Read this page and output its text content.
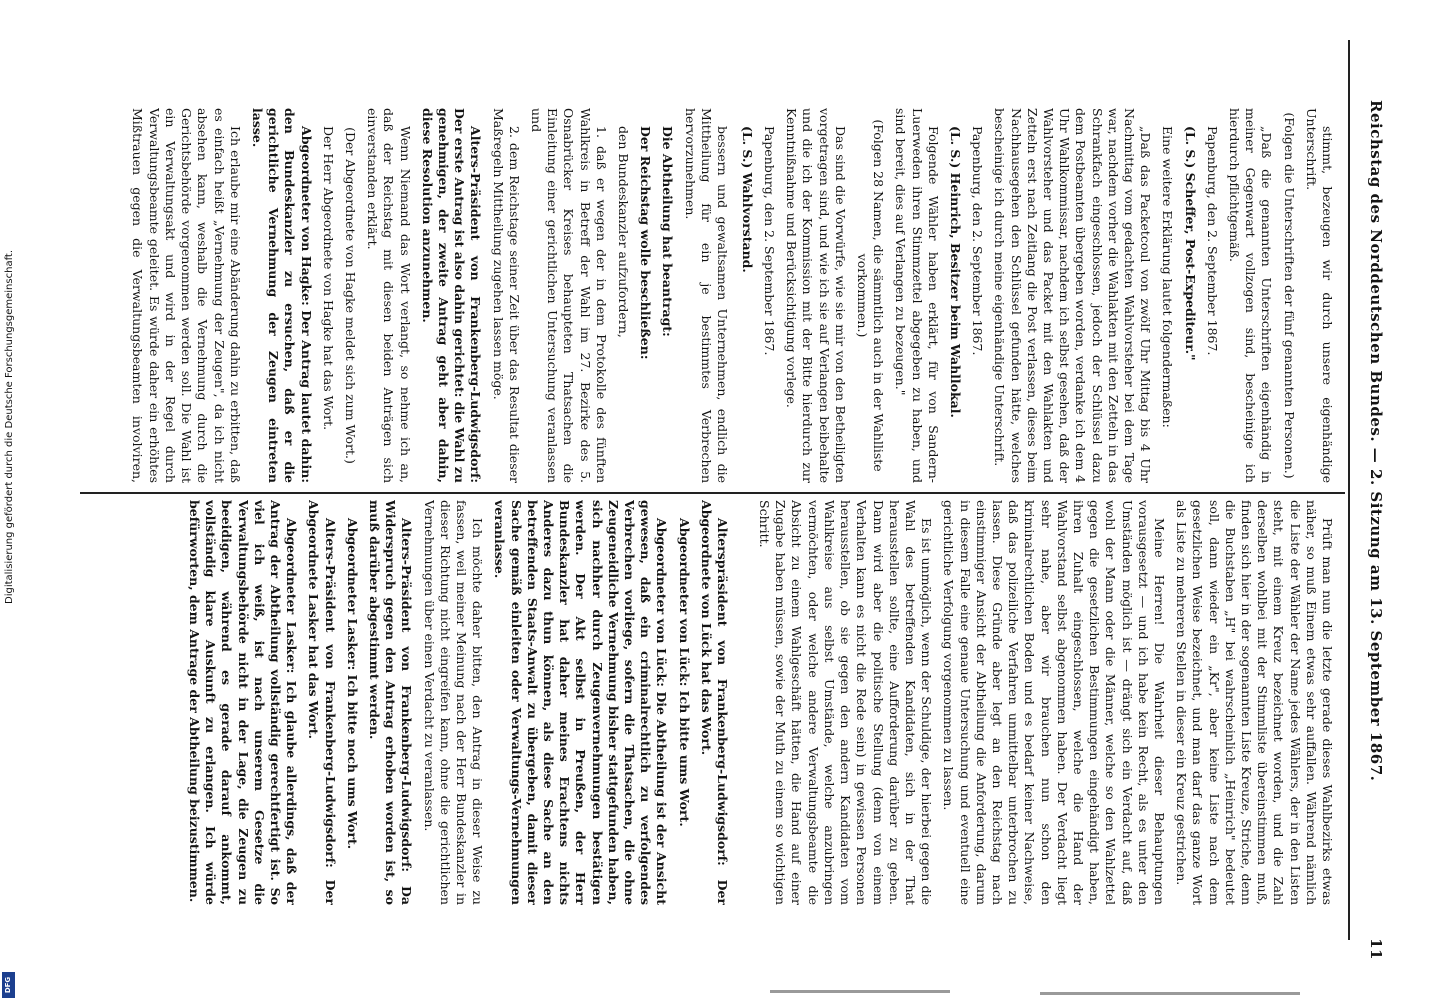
Reichstag des Norddeutschen Bundes. — 2. Sitzung am 13. September 1867.
11

stimmt, bezeugen wir durch unsere eigenhändige Unterschrift.

(Folgen die Unterschriften der fünf genannten Personen.)

„Daß die genannten Unterschriften eigenhändig in meiner Gegenwart vollzogen sind, bescheinige ich hierdurch pflichtgemäß.

Papenburg, den 2. September 1867.

(L. S.) Scheffer, Post-Expediteur."

Eine weitere Erklärung lautet folgendermaßen:

„Daß das Packetcoul von zwölf Uhr Mittag bis 4 Uhr Nachmittag vom gedachten Wahlvorsteher bei dem Tage war, nachdem vorher die Wahlakten mit den Zetteln in das Schrankfach eingeschlossen, jedoch der Schlüssel dazu dem Postbeamten übergeben worden, verdanke ich dem 4 Uhr Wahlkommissar, nachdem ich selbst gesehen, daß der Wahlvorsteher und das Packet mit den Wahlakten und Zetteln erst nach Zeitlang die Post verlassen, dieses beim Nachhausegehen den Schlüssel gefunden hätte, welches bescheinige ich durch meine eigenhändige Unterschrift.

Papenburg, den 2. September 1867.

(L. S.) Heinrich, Besitzer beim Wahllokal.

Folgende Wähler haben erklärt, für von Sandern-Luerweden ihren Stimmzettel abgegeben zu haben, und sind bereit, dies auf Verlangen zu bezeugen."

(Folgen 28 Namen, die sämmtlich auch in der Wahlliste vorkommen.)

Das sind die Vorwürfe, wie sie mir von den Betheiligten vorgetragen sind, und wie ich sie auf Verlangen beibehalte und die ich der Kommission mit der Bitte hierdurch zur Kenntnißnahme und Berücksichtigung vorlege.

Papenburg, den 2. September 1867.

(L. S.) Wahlvorstand.

Prüft man nun die letzte gerade dieses Wahlbezirks etwas näher, so muß Einem etwas sehr auffallen. Während nämlich die Liste der Wähler der Name jedes Wählers, der in den Listen steht, mit einem Kreuz bezeichnet worden, und die Zahl derselben wohlbei mit der Stimmliste übereinstimmen muß, finden sich hier in der sogenannten Liste Kreuze, Striche, denn die Buchstaben „H" bei wahrscheinlich „Heinrich" bedeutet soll, dann wieder ein „Kr", aber keine Liste nach dem gesetzlichen Weise bezeichnet, und man darf das ganze Wort als Liste zu mehreren Stellen in dieser ein Kreuz gestrichen.

Meine Herren! Die Wahrheit dieser Behauptungen vorausgesetzt — und ich habe kein Recht, als es unter den Umständen möglich ist — drängt sich ein Verdacht auf, daß wohl der Mann oder die Männer, welche so den Wahlzettel gegen die gesetzlichen Bestimmungen eingehändigt haben, ihren Zuhalt eingeschlossen, welche die Hand der Wahlvorstand selbst abgenommen haben. Der Verdacht liegt sehr nahe, aber wir brauchen nun schon den kriminalrechtlichen Boden und es bedarf keiner Nachweise, daß das polizeiliche Verfahren unmittelbar unterbrochen zu lassen. Diese Gründe aber legt an den Reichstag nach einstimmiger Ansicht der Abtheilung die Anforderung, darum in diesem Falle eine genaue Untersuchung und eventuell eine gerichtliche Verfolgung vorgenommen zu lassen.

Es ist unmöglich, wenn der Schuldige, der hierbei gegen die Wahl des betreffenden Kandidaten, sich in der That herausstellen sollte, eine Aufforderung darüber zu geben. Dann wird aber die politische Stellung (denn von einem Verhalten kann es nicht die Rede sein) in gewissen Personen herausstellen, ob sie gegen den andern Kandidaten vom Wahlkreise aus selbst Umstände, welche anzubringen vermöchten, oder welche andere Verwaltungsbeamte die Absicht zu einem Wahlgeschäft hätten, die Hand auf einer Zugabe haben müssen, sowie der Muth zu einem so wichtigen Schritt.

bessern und gewaltsamen Unternehmen, endlich die Mittheilung für ein je bestimmtes Verbrechen hervorzunehmen.

Die Abtheilung hat beantragt:

Der Reichstag wolle beschließen:

den Bundeskanzler aufzufordern,

1. daß er wegen der in dem Protokolle des fünften Wahlkreis in Betreff der Wahl im 27. Bezirke des 5. Osnabrücker Kreises behaupteten Thatsachen die Einleitung einer gerichtlichen Untersuchung veranlassen und

2. dem Reichstage seiner Zeit über das Resultat dieser Maßregeln Mittheilung zugehen lassen möge.

Alters-Präsident von Frankenberg-Ludwigsdorf: Der erste Antrag ist also dahin gerichtet: die Wahl zu genehmigen, der zweite Antrag geht aber dahin, diese Resolution anzunehmen.

Wenn Niemand das Wort verlangt, so nehme ich an, daß der Reichstag mit diesen beiden Anträgen sich einverstanden erklärt.

(Der Abgeordnete von Hagke meldet sich zum Wort.)

Der Herr Abgeordnete von Hagke hat das Wort.

Abgeordneter von Hagke: Der Antrag lautet dahin: den Bundeskanzler zu ersuchen, daß er die gerichtliche Vernehmung der Zeugen eintreten lasse.

Ich erlaube mir eine Abänderung dahin zu erbitten, daß es einfach heißt „Vernehmung der Zeugen", da ich nicht absehen kann, weshalb die Vernehmung durch die Gerichtsbehörde vorgenommen werden soll. Die Wahl ist ein Verwaltungsakt und wird in der Regel durch Verwaltungsbeamte geleitet. Es würde daher ein erhöhtes Mißtrauen gegen die Verwaltungsbeamten involviren,

Alterspräsident von Frankenberg-Ludwigsdorf: Der Abgeordnete von Lück hat das Wort.

Abgeordneter von Lück: Ich bitte ums Wort.

Abgeordneter von Lück: Die Abtheilung ist der Ansicht gewesen, daß ein criminalrechtlich zu verfolgendes Verbrechen vorliege, sofern die Thatsachen, die ohne Zeugeneidliche Vernehmung bisher stattgefunden haben, sich nachher durch Zeugenvernehmungen bestätigen werden. Der Akt selbst in Preußen, der Herr Bundeskanzler hat daher meines Erachtens nichts Anderes dazu thun können, als diese Sache an den betreffenden Staats-Anwalt zu übergeben, damit dieser Sache gemäß einleiten oder Verwaltungs-Vernehmungen veranlasse.

Ich möchte daher bitten, den Antrag in dieser Weise zu fassen, weil meiner Meinung nach der Herr Bundeskanzler in dieser Richtung nicht eingreifen kann, ohne die gerichtlichen Vernehmungen über einen Verdacht zu veranlassen.

Alters-Präsident von Frankenberg-Ludwigsdorf: Da Widerspruch gegen den Antrag erhoben worden ist, so muß darüber abgestimmt werden.

Abgeordneter Lasker: Ich bitte noch ums Wort.

Alters-Präsident von Frankenberg-Ludwigsdorf: Der Abgeordnete Lasker hat das Wort.

Abgeordneter Lasker: Ich glaube allerdings, daß der Antrag der Abtheilung vollständig gerechtfertigt ist. So viel ich weiß, ist nach unserem Gesetze die Verwaltungsbehörde nicht in der Lage, die Zeugen zu beeidigen, während es gerade darauf ankommt, vollständig klare Auskunft zu erlangen. Ich würde befürworten, dem Antrage der Abtheilung beizustimmen.

Digitalisierung gefördert durch die Deutsche Forschungsgemeinschaft.
DFG
